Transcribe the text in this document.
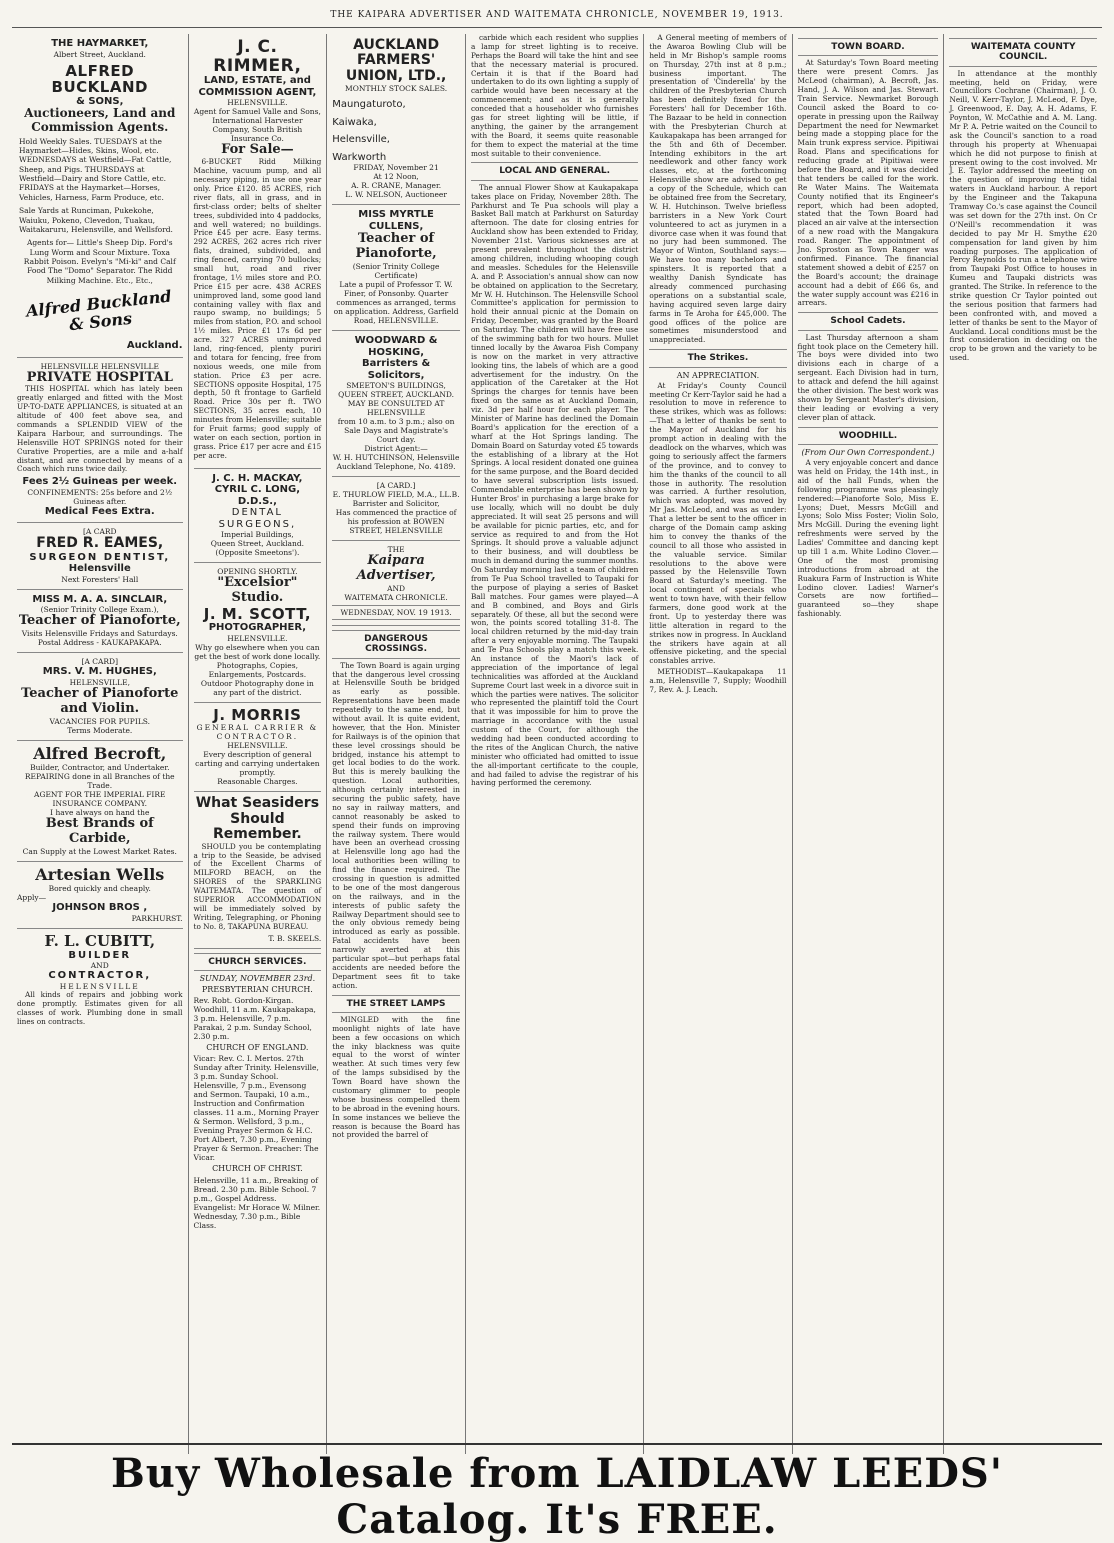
THE KAIPARA ADVERTISER AND WAITEMATA CHRONICLE, NOVEMBER 19, 1913.
THE HAYMARKET,
Albert Street, Auckland.
ALFRED BUCKLAND
& SONS,
Auctioneers, Land and Commission Agents.
Hold Weekly Sales. TUESDAYS at the Haymarket—Hides, Skins, Wool, etc. WEDNESDAYS at Westfield—Fat Cattle, Sheep, and Pigs. THURSDAYS at Westfield—Dairy and Store Cattle, etc. FRIDAYS at the Haymarket—Horses, Vehicles, Harness, Farm Produce, etc.
Sale Yards at Runciman, Pukekohe, Waiuku, Pokeno, Clevedon, Tuakau, Waitakaruru, Helensville, and Wellsford.
Agents for— Little's Sheep Dip. Ford's Lung Worm and Scour Mixture. Toxa Rabbit Poison. Evelyn's "Mi-ki" and Calf Food The "Domo" Separator. The Ridd Milking Machine. Etc., Etc.,
Alfred Buckland & Sons
Auckland.
HELENSVILLE HELENSVILLE
PRIVATE HOSPITAL

THIS HOSPITAL which has lately been greatly enlarged and fitted with the Most UP-TO-DATE APPLIANCES, is situated at an altitude of 400 feet above sea, and commands a SPLENDID VIEW of the Kaipara Harbour, and surroundings. The Helensville HOT SPRINGS noted for their Curative Properties, are a mile and a-half distant, and are connected by means of a Coach which runs twice daily.

Fees 2½ Guineas per week.
CONFINEMENTS: 25s before and 2½ Guineas after.
Medical Fees Extra.
[A CARD
FRED R. EAMES,
SURGEON DENTIST,
Helensville
Next Foresters' Hall
MISS M. A. A. SINCLAIR,
(Senior Trinity College Exam.),
Teacher of Pianoforte,
Visits Helensville Fridays and Saturdays.
Postal Address - KAUKAPAKAPA.
[A CARD]
MRS. V. M. HUGHES,
HELENSVILLE,
Teacher of Pianoforte and Violin.
VACANCIES FOR PUPILS.
Terms Moderate.
Alfred Becroft,
Builder, Contractor, and Undertaker.
REPAIRING done in all Branches of the Trade.
AGENT FOR THE IMPERIAL FIRE INSURANCE COMPANY.
I have always on hand the
Best Brands of Carbide,
Can Supply at the Lowest Market Rates.
Artesian Wells
Bored quickly and cheaply.
Apply—
JOHNSON BROS ,
PARKHURST.
F. L. CUBITT,
BUILDER
AND
CONTRACTOR,
HELENSVILLE

All kinds of repairs and jobbing work done promptly. Estimates given for all classes of work. Plumbing done in small lines on contracts.

J. C. RIMMER,
LAND, ESTATE, and COMMISSION AGENT,
HELENSVILLE.
Agent for Samuel Valle and Sons, International Harvester Company, South British Insurance Co.
For Sale—

6-BUCKET Ridd Milking Machine, vacuum pump, and all necessary piping, in use one year only. Price £120. 85 ACRES, rich river flats, all in grass, and in first-class order; belts of shelter trees, subdivided into 4 paddocks, and well watered; no buildings. Price £45 per acre. Easy terms. 292 ACRES, 262 acres rich river flats, drained, subdivided, and ring fenced, carrying 70 bullocks; small hut, road and river frontage, 1½ miles store and P.O. Price £15 per acre. 438 ACRES unimproved land, some good land containing valley with flax and raupo swamp, no buildings; 5 miles from station, P.O. and school 1½ miles. Price £1 17s 6d per acre. 327 ACRES unimproved land, ring-fenced, plenty puriri and totara for fencing, free from noxious weeds, one mile from station. Price £3 per acre. SECTIONS opposite Hospital, 175 depth, 50 ft frontage to Garfield Road. Price 30s per ft. TWO SECTIONS, 35 acres each, 10 minutes from Helensville; suitable for Fruit farms; good supply of water on each section, portion in grass. Price £17 per acre and £15 per acre.

J. C. H. MACKAY,
CYRIL C. LONG, D.D.S.,
DENTAL SURGEONS,
Imperial Buildings,
Queen Street, Auckland. (Opposite Smeetons').
OPENING SHORTLY.
"Excelsior" Studio.
J. M. SCOTT,
PHOTOGRAPHER,
HELENSVILLE.
Why go elsewhere when you can get the best of work done locally.
Photographs, Copies, Enlargements, Postcards. Outdoor Photography done in any part of the district.
J. MORRIS
GENERAL CARRIER & CONTRACTOR.
HELENSVILLE.
Every description of general carting and carrying undertaken promptly.
Reasonable Charges.
What Seasiders Should Remember.

SHOULD you be contemplating a trip to the Seaside, be advised of the Excellent Charms of MILFORD BEACH, on the SHORES of the SPARKLING WAITEMATA. The question of SUPERIOR ACCOMMODATION will be immediately solved by Writing, Telegraphing, or Phoning to No. 8, TAKAPUNA BUREAU.

T. B. SKEELS.
CHURCH SERVICES.
SUNDAY, NOVEMBER 23rd.
PRESBYTERIAN CHURCH.
Rev. Robt. Gordon-Kirgan. Woodhill, 11 a.m. Kaukapakapa, 3 p.m. Helensville, 7 p.m. Parakai, 2 p.m. Sunday School, 2.30 p.m.
CHURCH OF ENGLAND.
Vicar: Rev. C. I. Mertos. 27th Sunday after Trinity. Helensville, 3 p.m. Sunday School. Helensville, 7 p.m., Evensong and Sermon. Taupaki, 10 a.m., Instruction and Confirmation classes. 11 a.m., Morning Prayer & Sermon. Wellsford, 3 p.m., Evening Prayer Sermon & H.C. Port Albert, 7.30 p.m., Evening Prayer & Sermon. Preacher: The Vicar.
CHURCH OF CHRIST.
Helensville, 11 a.m., Breaking of Bread. 2.30 p.m. Bible School. 7 p.m., Gospel Address. Evangelist: Mr Horace W. Milner. Wednesday, 7.30 p.m., Bible Class.
AUCKLAND FARMERS' UNION, LTD.,
MONTHLY STOCK SALES.
Maungaturoto,
Kaiwaka,
Helensville,
Warkworth
FRIDAY, November 21
At 12 Noon,
A. R. CRANE, Manager.
L. W. NELSON, Auctioneer
MISS MYRTLE CULLENS,
Teacher of Pianoforte,
(Senior Trinity College Certificate)
Late a pupil of Professor T. W. Finer, of Ponsonby. Quarter commences as arranged, terms on application. Address, Garfield Road, HELENSVILLE.
WOODWARD & HOSKING,
Barristers & Solicitors,
SMEETON'S BUILDINGS, QUEEN STREET, AUCKLAND.
MAY BE CONSULTED AT
HELENSVILLE
from 10 a.m. to 3 p.m.; also on Sale Days and Magistrate's Court day.
District Agent:—
W. H. HUTCHINSON, Helensville
Auckland Telephone, No. 4189.
[A CARD.]
E. THURLOW FIELD, M.A., LL.B.
Barrister and Solicitor,
Has commenced the practice of his profession at BOWEN STREET, HELENSVILLE
THE
Kaipara Advertiser,
AND
WAITEMATA CHRONICLE.
WEDNESDAY, NOV. 19 1913.
DANGEROUS CROSSINGS.

The Town Board is again urging that the dangerous level crossing at Helensville South be bridged as early as possible. Representations have been made repeatedly to the same end, but without avail. It is quite evident, however, that the Hon. Minister for Railways is of the opinion that these level crossings should be bridged, instance his attempt to get local bodies to do the work. But this is merely baulking the question. Local authorities, although certainly interested in securing the public safety, have no say in railway matters, and cannot reasonably be asked to spend their funds on improving the railway system. There would have been an overhead crossing at Helensville long ago had the local authorities been willing to find the finance required. The crossing in question is admitted to be one of the most dangerous on the railways, and in the interests of public safety the Railway Department should see to the only obvious remedy being introduced as early as possible. Fatal accidents have been narrowly averted at this particular spot—but perhaps fatal accidents are needed before the Department sees fit to take action.

THE STREET LAMPS

MINGLED with the fine moonlight nights of late have been a few occasions on which the inky blackness was quite equal to the worst of winter weather. At such times very few of the lamps subsidised by the Town Board have shown the customary glimmer to people whose business compelled them to be abroad in the evening hours. In some instances we believe the reason is because the Board has not provided the barrel of

carbide which each resident who supplies a lamp for street lighting is to receive. Perhaps the Board will take the hint and see that the necessary material is procured. Certain it is that if the Board had undertaken to do its own lighting a supply of carbide would have been necessary at the commencement; and as it is generally conceded that a householder who furnishes gas for street lighting will be little, if anything, the gainer by the arrangement with the Board, it seems quite reasonable for them to expect the material at the time most suitable to their convenience.

LOCAL AND GENERAL.

The annual Flower Show at Kaukapakapa takes place on Friday, November 28th. The Parkhurst and Te Pua schools will play a Basket Ball match at Parkhurst on Saturday afternoon. The date for closing entries for Auckland show has been extended to Friday, November 21st. Various sicknesses are at present prevalent throughout the district among children, including whooping cough and measles. Schedules for the Helensville A. and P. Association's annual show can now be obtained on application to the Secretary, Mr W. H. Hutchinson. The Helensville School Committee's application for permission to hold their annual picnic at the Domain on Friday, December, was granted by the Board on Saturday. The children will have free use of the swimming bath for two hours. Mullet tinned locally by the Awaroa Fish Company is now on the market in very attractive looking tins, the labels of which are a good advertisement for the industry. On the application of the Caretaker at the Hot Springs the charges for tennis have been fixed on the same as at Auckland Domain, viz. 3d per half hour for each player. The Minister of Marine has declined the Domain Board's application for the erection of a wharf at the Hot Springs landing. The Domain Board on Saturday voted £5 towards the establishing of a library at the Hot Springs. A local resident donated one guinea for the same purpose, and the Board decided to have several subscription lists issued. Commendable enterprise has been shown by Hunter Bros' in purchasing a large brake for use locally, which will no doubt be duly appreciated. It will seat 25 persons and will be available for picnic parties, etc, and for service as required to and from the Hot Springs. It should prove a valuable adjunct to their business, and will doubtless be much in demand during the summer months. On Saturday morning last a team of children from Te Pua School travelled to Taupaki for the purpose of playing a series of Basket Ball matches. Four games were played—A and B combined, and Boys and Girls separately. Of these, all but the second were won, the points scored totalling 31-8. The local children returned by the mid-day train after a very enjoyable morning. The Taupaki and Te Pua Schools play a match this week. An instance of the Maori's lack of appreciation of the importance of legal technicalities was afforded at the Auckland Supreme Court last week in a divorce suit in which the parties were natives. The solicitor who represented the plaintiff told the Court that it was impossible for him to prove the marriage in accordance with the usual custom of the Court, for although the wedding had been conducted according to the rites of the Anglican Church, the native minister who officiated had omitted to issue the all-important certificate to the couple, and had failed to advise the registrar of his having performed the ceremony.

A General meeting of members of the Awaroa Bowling Club will be held in Mr Bishop's sample rooms on Thursday, 27th inst at 8 p.m.; business important. The presentation of 'Cinderella' by the children of the Presbyterian Church has been definitely fixed for the Foresters' hall for December 16th. The Bazaar to be held in connection with the Presbyterian Church at Kaukapakapa has been arranged for the 5th and 6th of December. Intending exhibitors in the art needlework and other fancy work classes, etc, at the forthcoming Helensville show are advised to get a copy of the Schedule, which can be obtained free from the Secretary, W. H. Hutchinson. Twelve briefless barristers in a New York Court volunteered to act as jurymen in a divorce case when it was found that no jury had been summoned. The Mayor of Winton, Southland says:—We have too many bachelors and spinsters. It is reported that a wealthy Danish Syndicate has already commenced purchasing operations on a substantial scale, having acquired seven large dairy farms in Te Aroha for £45,000. The good offices of the police are sometimes misunderstood and unappreciated.

The Strikes.
AN APPRECIATION.

At Friday's County Council meeting Cr Kerr-Taylor said he had a resolution to move in reference to these strikes, which was as follows:—That a letter of thanks be sent to the Mayor of Auckland for his prompt action in dealing with the deadlock on the wharves, which was going to seriously affect the farmers of the province, and to convey to him the thanks of the council to all those in authority. The resolution was carried. A further resolution, which was adopted, was moved by Mr Jas. McLeod, and was as under: That a letter be sent to the officer in charge of the Domain camp asking him to convey the thanks of the council to all those who assisted in the valuable service. Similar resolutions to the above were passed by the Helensville Town Board at Saturday's meeting. The local contingent of specials who went to town have, with their fellow farmers, done good work at the front. Up to yesterday there was little alteration in regard to the strikes now in progress. In Auckland the strikers have again at all offensive picketing, and the special constables arrive.

METHODIST—Kaukapakapa 11 a.m, Helensville 7, Supply; Woodhill 7, Rev. A. J. Leach.

TOWN BOARD.

At Saturday's Town Board meeting there were present Comrs. Jas McLeod (chairman), A. Becroft, Jas. Hand, J. A. Wilson and Jas. Stewart. Train Service. Newmarket Borough Council asked the Board to co-operate in pressing upon the Railway Department the need for Newmarket being made a stopping place for the Main trunk express service. Pipitiwai Road. Plans and specifications for reducing grade at Pipitiwai were before the Board, and it was decided that tenders be called for the work. Re Water Mains. The Waitemata County notified that its Engineer's report, which had been adopted, stated that the Town Board had placed an air valve at the intersection of a new road with the Mangakura road. Ranger. The appointment of Jno. Sproston as Town Ranger was confirmed. Finance. The financial statement showed a debit of £257 on the Board's account; the drainage account had a debit of £66 6s, and the water supply account was £216 in arrears.

School Cadets.

Last Thursday afternoon a sham fight took place on the Cemetery hill. The boys were divided into two divisions each in charge of a sergeant. Each Division had in turn, to attack and defend the hill against the other division. The best work was shown by Sergeant Master's division, their leading or evolving a very clever plan of attack.

WOODHILL.
(From Our Own Correspondent.)

A very enjoyable concert and dance was held on Friday, the 14th inst., in aid of the hall Funds, when the following programme was pleasingly rendered:—Pianoforte Solo, Miss E. Lyons; Duet, Messrs McGill and Lyons; Solo Miss Foster; Violin Solo, Mrs McGill. During the evening light refreshments were served by the Ladies' Committee and dancing kept up till 1 a.m. White Lodino Clover.—One of the most promising introductions from abroad at the Ruakura Farm of Instruction is White Lodino clover. Ladies! Warner's Corsets are now fortified—guaranteed so—they shape fashionably.

WAITEMATA COUNTY COUNCIL.

In attendance at the monthly meeting, held on Friday, were Councillors Cochrane (Chairman), J. O. Neill, V. Kerr-Taylor, J. McLeod, F. Dye, J. Greenwood, E. Day, A. H. Adams, F. Poynton, W. McCathie and A. M. Lang. Mr P. A. Petrie waited on the Council to ask the Council's sanction to a road through his property at Whenuapai which he did not purpose to finish at present owing to the cost involved. Mr J. E. Taylor addressed the meeting on the question of improving the tidal waters in Auckland harbour. A report by the Engineer and the Takapuna Tramway Co.'s case against the Council was set down for the 27th inst. On Cr O'Neill's recommendation it was decided to pay Mr H. Smythe £20 compensation for land given by him roading purposes. The application of Percy Reynolds to run a telephone wire from Taupaki Post Office to houses in Kumeu and Taupaki districts was granted. The Strike. In reference to the strike question Cr Taylor pointed out the serious position that farmers had been confronted with, and moved a letter of thanks be sent to the Mayor of Auckland. Local conditions must be the first consideration in deciding on the crop to be grown and the variety to be used.

Buy Wholesale from LAIDLAW LEEDS' Catalog. It's FREE.
